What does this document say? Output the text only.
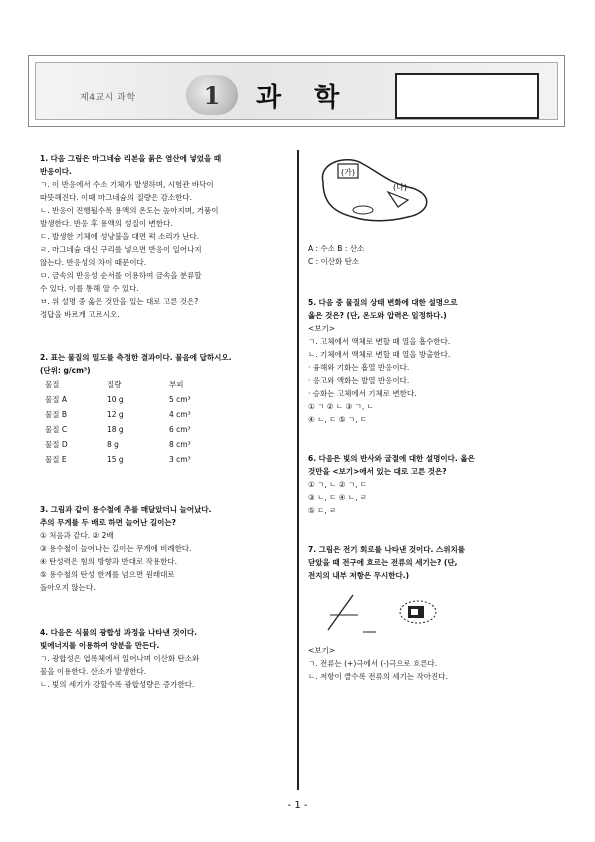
제4교시 과학	1	과 학
1. 다음 그림은 마그네슘 리본을 묽은 염산에 넣었을 때
반응이다.
ㄱ. 이 반응에서 수소 기체가 발생하며, 시험관 바닥이
따뜻해진다. 이때 마그네슘의 질량은 감소한다.
ㄴ. 반응이 진행될수록 용액의 온도는 높아지며, 거품이
발생한다. 반응 후 용액의 성질이 변한다.
ㄷ. 발생한 기체에 성냥불을 대면 퍽 소리가 난다.
ㄹ. 마그네슘 대신 구리를 넣으면 반응이 일어나지
않는다. 반응성의 차이 때문이다.
ㅁ. 금속의 반응성 순서를 이용하여 금속을 분류할
수 있다. 이를 통해 알 수 있다.
ㅂ. 위 설명 중 옳은 것만을 있는 대로 고른 것은?
정답을 바르게 고르시오.
2. 표는 물질의 밀도를 측정한 결과이다. 물음에 답하시오.
(단위: g/cm³)
물질	질량	부피
물질 A	10 g	5 cm³
물질 B	12 g	4 cm³
물질 C	18 g	6 cm³
물질 D	8 g	8 cm³
물질 E	15 g	3 cm³
3. 그림과 같이 용수철에 추를 매달았더니 늘어났다.
추의 무게를 두 배로 하면 늘어난 길이는?
① 처음과 같다. ② 2배
③ 용수철이 늘어나는 길이는 무게에 비례한다.
④ 탄성력은 힘의 방향과 반대로 작용한다.
⑤ 용수철의 탄성 한계를 넘으면 원래대로
돌아오지 않는다.
4. 다음은 식물의 광합성 과정을 나타낸 것이다.
빛에너지를 이용하여 양분을 만든다.
ㄱ. 광합성은 엽록체에서 일어나며 이산화 탄소와
물을 이용한다. 산소가 발생한다.
ㄴ. 빛의 세기가 강할수록 광합성량은 증가한다.
(가)
(나)
A : 수소 B : 산소
C : 이산화 탄소
5. 다음 중 물질의 상태 변화에 대한 설명으로
옳은 것은? (단, 온도와 압력은 일정하다.)
<보기>
ㄱ. 고체에서 액체로 변할 때 열을 흡수한다.
ㄴ. 기체에서 액체로 변할 때 열을 방출한다.
· 융해와 기화는 흡열 반응이다.
· 응고와 액화는 발열 반응이다.
· 승화는 고체에서 기체로 변한다.
① ㄱ ② ㄴ ③ ㄱ, ㄴ
④ ㄴ, ㄷ ⑤ ㄱ, ㄷ
6. 다음은 빛의 반사와 굴절에 대한 설명이다. 옳은
것만을 <보기>에서 있는 대로 고른 것은?
① ㄱ, ㄴ ② ㄱ, ㄷ
③ ㄴ, ㄷ ④ ㄴ, ㄹ
⑤ ㄷ, ㄹ
7. 그림은 전기 회로를 나타낸 것이다. 스위치를
닫았을 때 전구에 흐르는 전류의 세기는? (단,
전지의 내부 저항은 무시한다.)
<보기>
ㄱ. 전류는 (+)극에서 (-)극으로 흐른다.
ㄴ. 저항이 클수록 전류의 세기는 작아진다.
- 1 -
